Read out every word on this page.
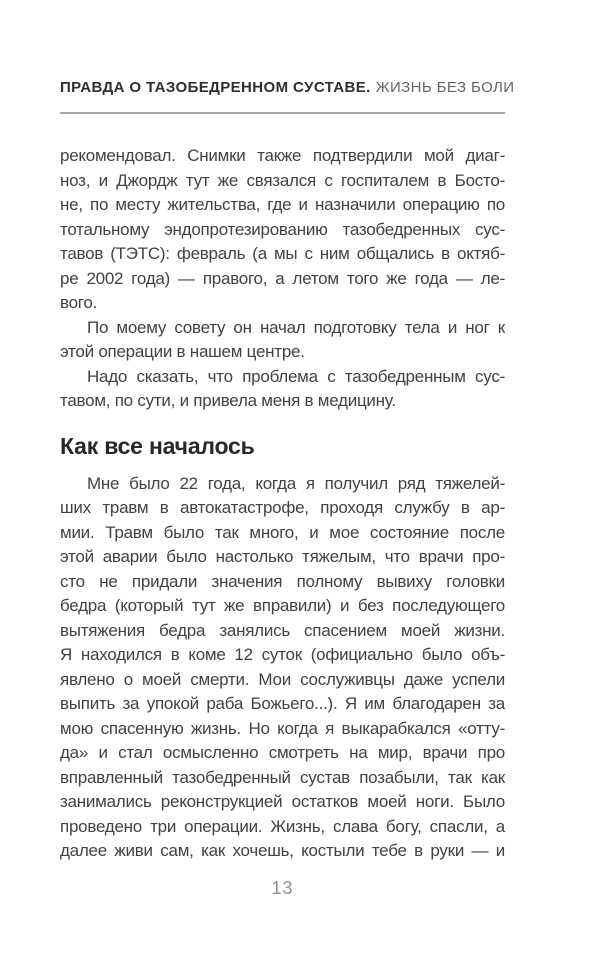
ПРАВДА О ТАЗОБЕДРЕННОМ СУСТАВЕ. ЖИЗНЬ БЕЗ БОЛИ
рекомендовал. Снимки также подтвердили мой диаг-
ноз, и Джордж тут же связался с госпиталем в Босто-
не, по месту жительства, где и назначили операцию по
тотальному эндопротезированию тазобедренных сус-
тавов (ТЭТС): февраль (а мы с ним общались в октяб-
ре 2002 года) — правого, а летом того же года — ле-
вого.
По моему совету он начал подготовку тела и ног к
этой операции в нашем центре.
Надо сказать, что проблема с тазобедренным сус-
тавом, по сути, и привела меня в медицину.
Как все началось
Мне было 22 года, когда я получил ряд тяжелей-
ших травм в автокатастрофе, проходя службу в ар-
мии. Травм было так много, и мое состояние после
этой аварии было настолько тяжелым, что врачи про-
сто не придали значения полному вывиху головки
бедра (который тут же вправили) и без последующего
вытяжения бедра занялись спасением моей жизни.
Я находился в коме 12 суток (официально было объ-
явлено о моей смерти. Мои сослуживцы даже успели
выпить за упокой раба Божьего...). Я им благодарен за
мою спасенную жизнь. Но когда я выкарабкался «отту-
да» и стал осмысленно смотреть на мир, врачи про
вправленный тазобедренный сустав позабыли, так как
занимались реконструкцией остатков моей ноги. Было
проведено три операции. Жизнь, слава богу, спасли, а
далее живи сам, как хочешь, костыли тебе в руки — и
13
